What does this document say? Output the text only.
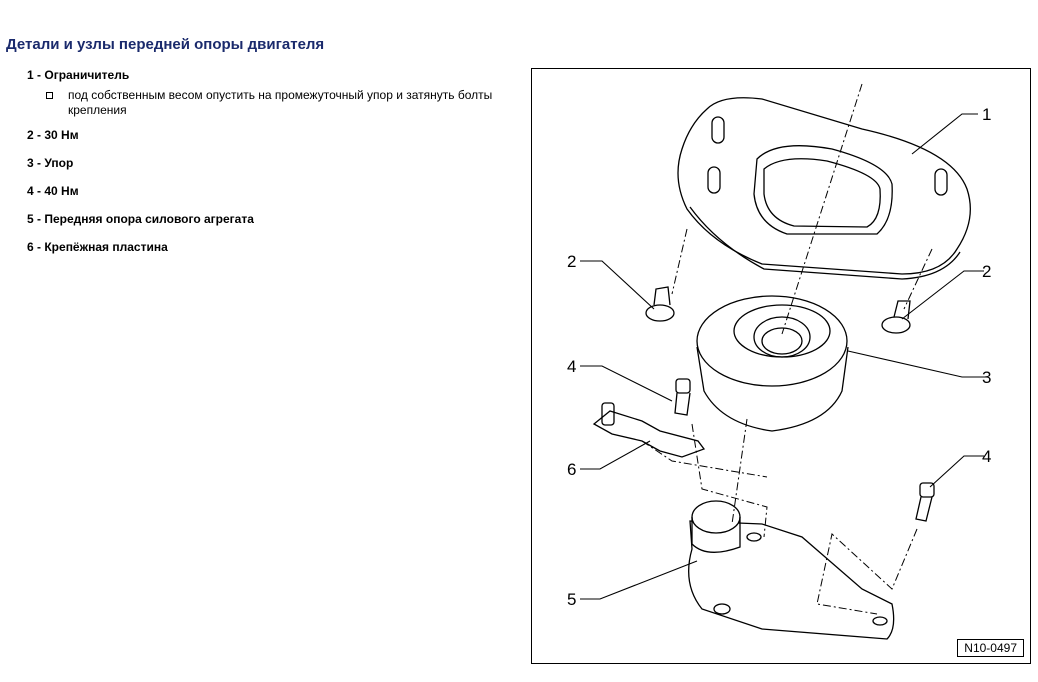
Детали и узлы передней опоры двигателя
1 - Ограничитель
под собственным весом опустить на промежуточный упор и затянуть болты крепления
2 - 30 Нм
3 - Упор
4 - 40 Нм
5 - Передняя опора силового агрегата
6 - Крепёжная пластина
1
2
2
3
4
4
5
6
N10-0497
